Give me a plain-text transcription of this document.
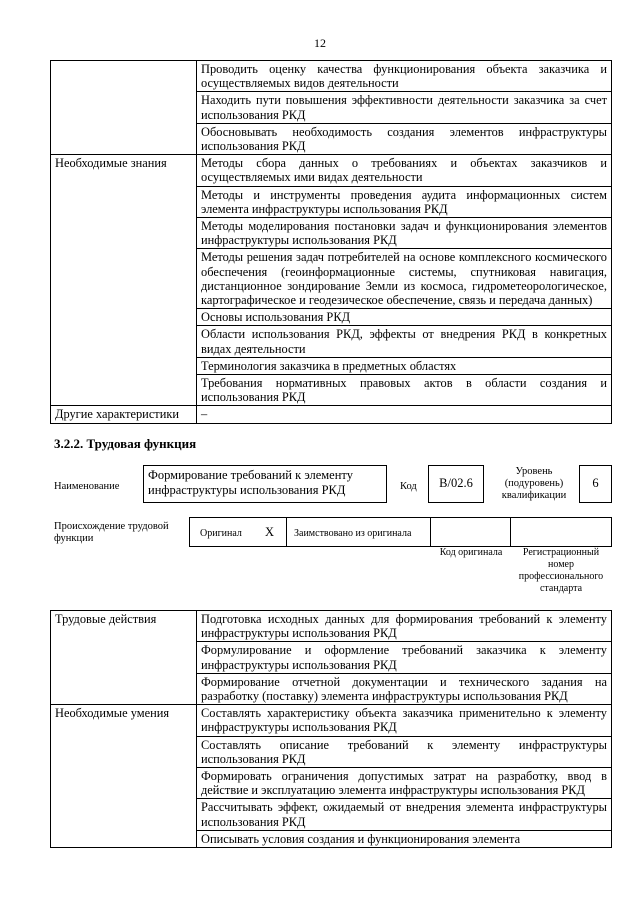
12
	Проводить оценку качества функционирования объекта заказчика и осуществляемых видов деятельности
	Находить пути повышения эффективности деятельности заказчика за счет использования РКД
	Обосновывать необходимость создания элементов инфраструктуры использования РКД
Необходимые знания	Методы сбора данных о требованиях и объектах заказчиков и осуществляемых ими видах деятельности
	Методы и инструменты проведения аудита информационных систем элемента инфраструктуры использования РКД
	Методы моделирования постановки задач и функционирования элементов инфраструктуры использования РКД
	Методы решения задач потребителей на основе комплексного космического обеспечения (геоинформационные системы, спутниковая навигация, дистанционное зондирование Земли из космоса, гидрометеорологическое, картографическое и геодезическое обеспечение, связь и передача данных)
	Основы использования РКД
	Области использования РКД, эффекты от внедрения РКД в конкретных видах деятельности
	Терминология заказчика в предметных областях
	Требования нормативных правовых актов в области создания и использования РКД
Другие характеристики	–
3.2.2. Трудовая функция
Наименование
Формирование требований к элементу инфраструктуры использования РКД	Код	B/02.6
Уровень (подуровень) квалификации
6
Происхождение трудовой функции	Оригинал X Заимствовано из оригинала
Код оригинала	Регистрационный номер профессионального стандарта
Трудовые действия	Подготовка исходных данных для формирования требований к элементу инфраструктуры использования РКД
	Формулирование и оформление требований заказчика к элементу инфраструктуры использования РКД
	Формирование отчетной документации и технического задания на разработку (поставку) элемента инфраструктуры использования РКД
Необходимые умения	Составлять характеристику объекта заказчика применительно к элементу инфраструктуры использования РКД
	Составлять описание требований к элементу инфраструктуры использования РКД
	Формировать ограничения допустимых затрат на разработку, ввод в действие и эксплуатацию элемента инфраструктуры использования РКД
	Рассчитывать эффект, ожидаемый от внедрения элемента инфраструктуры использования РКД
	Описывать условия создания и функционирования элемента
